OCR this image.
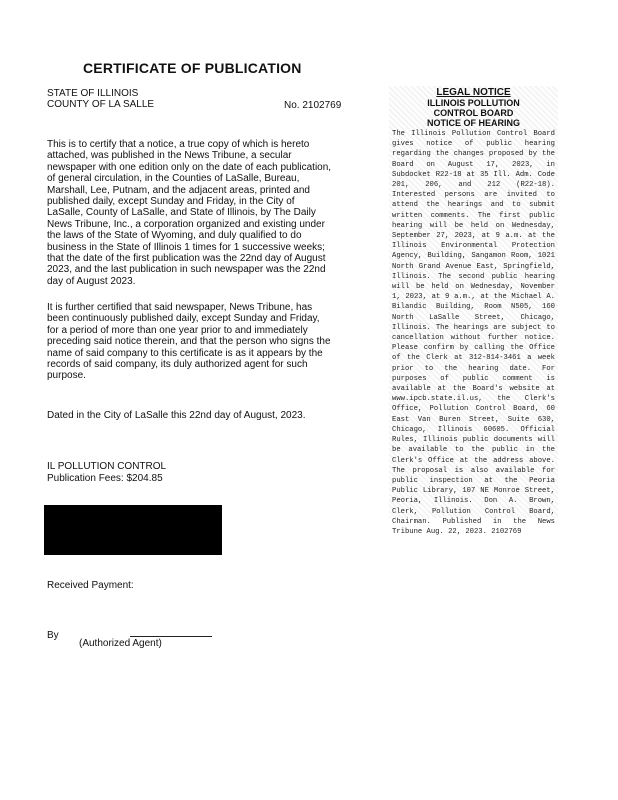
CERTIFICATE OF PUBLICATION
STATE OF ILLINOIS
COUNTY OF LA SALLE	No. 2102769

This is to certify that a notice, a true copy of which is hereto attached, was published in the News Tribune, a secular newspaper with one edition only on the date of each publication, of general circulation, in the Counties of LaSalle, Bureau, Marshall, Lee, Putnam, and the adjacent areas, printed and published daily, except Sunday and Friday, in the City of LaSalle, County of LaSalle, and State of Illinois, by The Daily News Tribune, Inc., a corporation organized and existing under the laws of the State of Wyoming, and duly qualified to do business in the State of Illinois 1 times for 1 successive weeks; that the date of the first publication was the 22nd day of August 2023, and the last publication in such newspaper was the 22nd day of August 2023.

It is further certified that said newspaper, News Tribune, has been continuously published daily, except Sunday and Friday, for a period of more than one year prior to and immediately preceding said notice therein, and that the person who signs the name of said company to this certificate is as it appears by the records of said company, its duly authorized agent for such purpose.

Dated in the City of LaSalle this 22nd day of August, 2023.
IL POLLUTION CONTROL
Publication Fees: $204.85
Received Payment:
By
(Authorized Agent)
LEGAL NOTICE
ILLINOIS POLLUTION
CONTROL BOARD
NOTICE OF HEARING

The Illinois Pollution Control Board gives notice of public hearing regarding the changes proposed by the Board on August 17, 2023, in Subdocket R22-18 at 35 Ill. Adm. Code 201, 206, and 212 (R22-18). Interested persons are invited to attend the hearings and to submit written comments. The first public hearing will be held on Wednesday, September 27, 2023, at 9 a.m. at the Illinois Environmental Protection Agency, Building, Sangamon Room, 1021 North Grand Avenue East, Springfield, Illinois. The second public hearing will be held on Wednesday, November 1, 2023, at 9 a.m., at the Michael A. Bilandic Building, Room N505, 160 North LaSalle Street, Chicago, Illinois. The hearings are subject to cancellation without further notice. Please confirm by calling the Office of the Clerk at 312-814-3461 a week prior to the hearing date. For purposes of public comment is available at the Board's website at www.ipcb.state.il.us, the Clerk's Office, Pollution Control Board, 60 East Van Buren Street, Suite 630, Chicago, Illinois 60605. Official Rules, Illinois public documents will be available to the public in the Clerk's Office at the address above. The proposal is also available for public inspection at the Peoria Public Library, 107 NE Monroe Street, Peoria, Illinois. Don A. Brown, Clerk, Pollution Control Board, Chairman. Published in the News Tribune Aug. 22, 2023. 2102769
